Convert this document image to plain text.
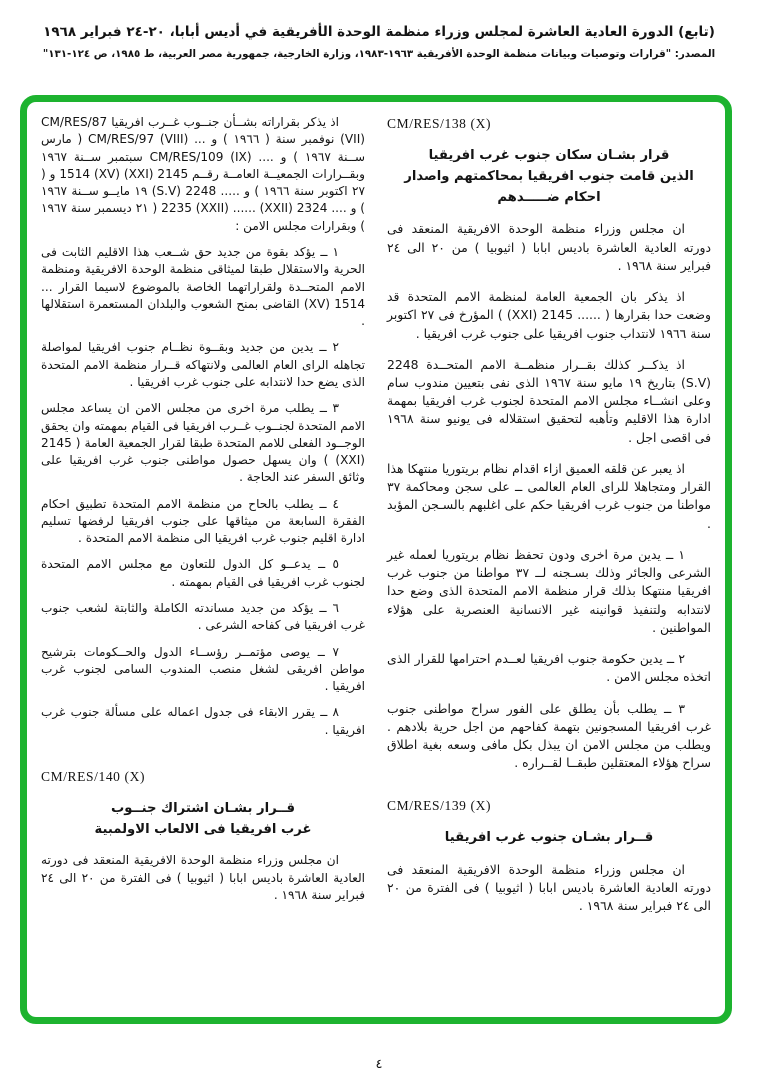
(تابع) الدورة العادية العاشرة لمجلس وزراء منظمة الوحدة الأفريقية في أديس أبابا، ٢٠-٢٤ فبراير ١٩٦٨
المصدر: "قرارات وتوصيات وبيانات منظمة الوحدة الأفريقية ١٩٦٣-١٩٨٣، وزارة الخارجية، جمهورية مصر العربية، ط ١٩٨٥، ص ١٢٤-١٣١"
CM/RES/138 (X)
قرار بشـان سكان جنوب غرب افريقيا
الذين قامت جنوب افريقيا بمحاكمتهم واصدار
احكام ضـــــدهم

ان مجلس وزراء منظمة الوحدة الافريقية المنعقد فى دورته العادية العاشرة باديس ابابا ( اثيوبيا ) من ٢٠ الى ٢٤ فبراير سنة ١٩٦٨ .

اذ يذكر بان الجمعية العامة لمنظمة الامم المتحدة قد وضعت حدا بقرارها ( ...... 2145 (XXI) ) المؤرخ فى ٢٧ اكتوبر سنة ١٩٦٦ لانتداب جنوب افريقيا على جنوب غرب افريقيا .

اذ يذكــر كذلك بقــرار منظمــة الامم المتحــدة 2248 (S.V) بتاريخ ١٩ مايو سنة ١٩٦٧ الذى نفى بتعيين مندوب سام وعلى انشــاء مجلس الامم المتحدة لجنوب غرب افريقيا بمهمة ادارة هذا الاقليم وتأهبه لتحقيق استقلاله فى يونيو سنة ١٩٦٨ فى اقصى اجل .

اذ يعبر عن قلقه العميق ازاء اقدام نظام بريتوريا منتهكا هذا القرار ومتجاهلا للراى العام العالمى ــ على سجن ومحاكمة ٣٧ مواطنا من جنوب غرب افريقيا حكم على اغلبهم بالسـجن المؤبد .

١ ــ يدين مرة اخرى ودون تحفظ نظام بريتوريا لعمله غير الشرعى والجائر وذلك بسـجنه لــ ٣٧ مواطنا من جنوب غرب افريقيا منتهكا بذلك قرار منظمة الامم المتحدة الذى وضع حدا لانتدابه ولتنفيذ قوانينه غير الانسانية العنصرية على هؤلاء المواطنين .

٢ ــ يدين حكومة جنوب افريقيا لعــدم احترامها للقرار الذى اتخذه مجلس الامن .

٣ ــ يطلب بأن يطلق على الفور سراح مواطنى جنوب غرب افريقيا المسجونين بتهمة كفاحهم من اجل حرية بلادهم . ويطلب من مجلس الامن ان يبذل بكل مافى وسعه بغية اطلاق سراح هؤلاء المعتقلين طبقــا لقــراره .

CM/RES/139 (X)
قــرار بشـان جنوب غرب افريقيا

ان مجلس وزراء منظمة الوحدة الافريقية المنعقد فى دورته العادية العاشرة باديس ابابا ( اثيوبيا ) فى الفترة من ٢٠ الى ٢٤ فبراير سنة ١٩٦٨ .

اذ يذكر بقراراته بشــأن جنــوب غــرب افريقيا CM/RES/87 (VII) نوفمبر سنة ( ١٩٦٦ ) و ... CM/RES/97 (VIII) ( مارس ســنة ١٩٦٧ ) و .... CM/RES/109 (IX) سبتمبر ســنة ١٩٦٧ وبقــرارات الجمعيــة العامــة رقــم 2145 (XXI) 1514 (XV) و ( ٢٧ اكتوبر سنة ١٩٦٦ ) و ..... 2248 (S.V) ١٩ مايــو ســنة ١٩٦٧ ) و .... 2324 (XXII) ...... 2235 (XXII) ( ٢١ ديسمبر سنة ١٩٦٧ ) وبقرارات مجلس الامن :

١ ــ يؤكد بقوة من جديد حق شــعب هذا الاقليم الثابت فى الحرية والاستقلال طبقا لميثاقى منظمة الوحدة الافريقية ومنظمة الامم المتحــدة ولقراراتهما الخاصة بالموضوع لاسيما القرار ... 1514 (XV) القاضى بمنح الشعوب والبلدان المستعمرة استقلالها .

٢ ــ يدين من جديد وبقــوة نظــام جنوب افريقيا لمواصلة تجاهله الراى العام العالمى ولانتهاكه قــرار منظمة الامم المتحدة الذى يضع حدا لانتدابه على جنوب غرب افريقيا .

٣ ــ يطلب مرة اخرى من مجلس الامن ان يساعد مجلس الامم المتحدة لجنــوب غــرب افريقيا فى القيام بمهمته وان يحقق الوجــود الفعلى للامم المتحدة طبقا لقرار الجمعية العامة ( 2145 (XXI) ) وان يسهل حصول مواطنى جنوب غرب افريقيا على وثائق السفر عند الحاجة .

٤ ــ يطلب بالحاح من منظمة الامم المتحدة تطبيق احكام الفقرة السابعة من ميثاقها على جنوب افريقيا لرفضها تسليم ادارة اقليم جنوب غرب افريقيا الى منظمة الامم المتحدة .

٥ ــ يدعــو كل الدول للتعاون مع مجلس الامم المتحدة لجنوب غرب افريقيا فى القيام بمهمته .

٦ ــ يؤكد من جديد مساندته الكاملة والثابتة لشعب جنوب غرب افريقيا فى كفاحه الشرعى .

٧ ــ يوصى مؤتمــر رؤســاء الدول والحــكومات بترشيح مواطن افريقى لشغل منصب المندوب السامى لجنوب غرب افريقيا .

٨ ــ يقرر الابقاء فى جدول اعماله على مسألة جنوب غرب افريقيا .

CM/RES/140 (X)
قــرار بشـان اشتراك جنــوب
غرب افريقيا فى الالعاب الاولمبية

ان مجلس وزراء منظمة الوحدة الافريقية المنعقد فى دورته العادية العاشرة باديس ابابا ( اثيوبيا ) فى الفترة من ٢٠ الى ٢٤ فبراير سنة ١٩٦٨ .

٤
